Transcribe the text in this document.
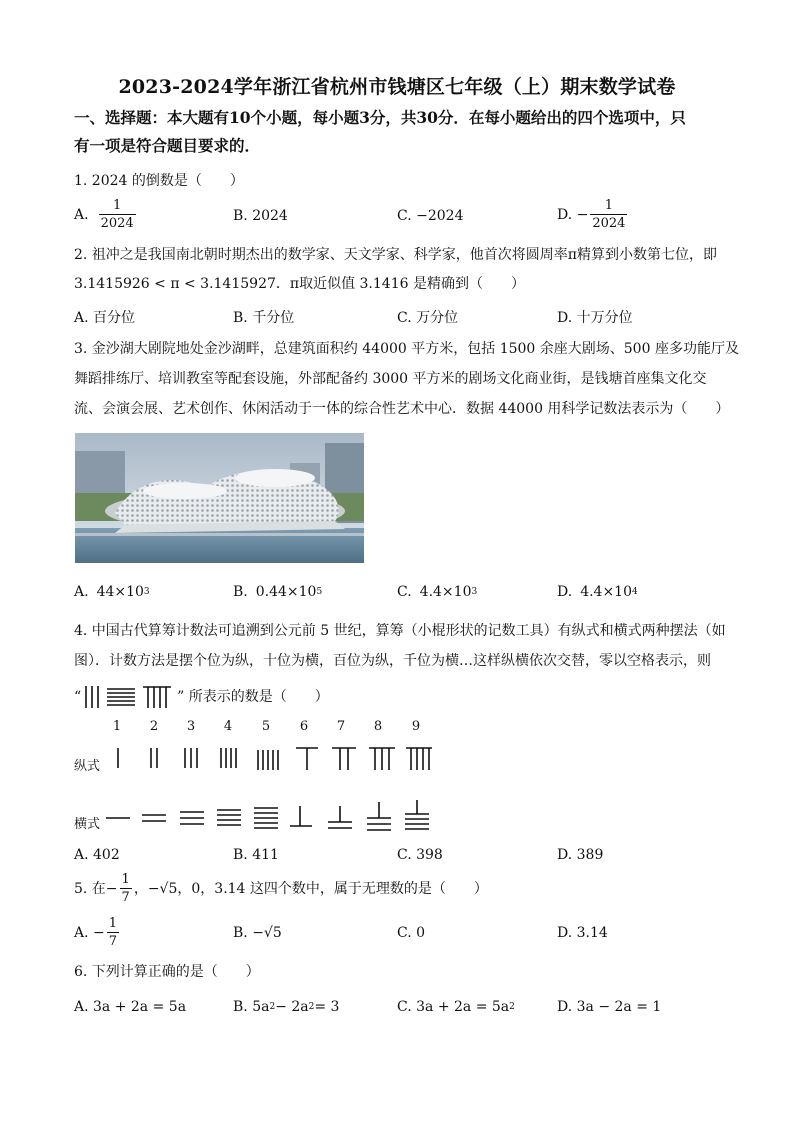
2023-2024学年浙江省杭州市钱塘区七年级（上）期末数学试卷
一、选择题：本大题有10个小题，每小题3分，共30分．在每小题给出的四个选项中，只
有一项是符合题目要求的．
1. 2024 的倒数是（　　）
A. $\frac{1}{2024}$	B. 2024	C. −2024	D. − $\frac{1}{2024}$
2. 祖冲之是我国南北朝时期杰出的数学家、天文学家、科学家，他首次将圆周率π精算到小数第七位，即
3.1415926 < π < 3.1415927．π取近似值 3.1416 是精确到（　　）
A. 百分位	B. 千分位	C. 万分位	D. 十万分位
3. 金沙湖大剧院地处金沙湖畔，总建筑面积约 44000 平方米，包括 1500 余座大剧场、500 座多功能厅及
舞蹈排练厅、培训教室等配套设施，外部配备约 3000 平方米的剧场文化商业街，是钱塘首座集文化交
流、会演会展、艺术创作、休闲活动于一体的综合性艺术中心．数据 44000 用科学记数法表示为（　　）
A. 44×10 3	B. 0.44×10 5	C. 4.4×10 3	D. 4.4×10 4
4. 中国古代算筹计数法可追溯到公元前 5 世纪，算筹（小棍形状的记数工具）有纵式和横式两种摆法（如
图）．计数方法是摆个位为纵，十位为横，百位为纵，千位为横…这样纵横依次交替，零以空格表示，则
“	” 所表示的数是（　　）
1	2	3	4	5	6	7	8	9
纵式
横式
A. 402	B. 411	C. 398	D. 389
5. 在− $\frac{1}{7}$ ，−√5，0，3.14 这四个数中，属于无理数的是（　　）
A. − $\frac{1}{7}$	B. −√5	C. 0	D. 3.14
6. 下列计算正确的是（　　）
A. 3a + 2a = 5a	B. 5a 2 − 2a 2 = 3	C. 3a + 2a = 5a 2	D. 3a − 2a = 1
